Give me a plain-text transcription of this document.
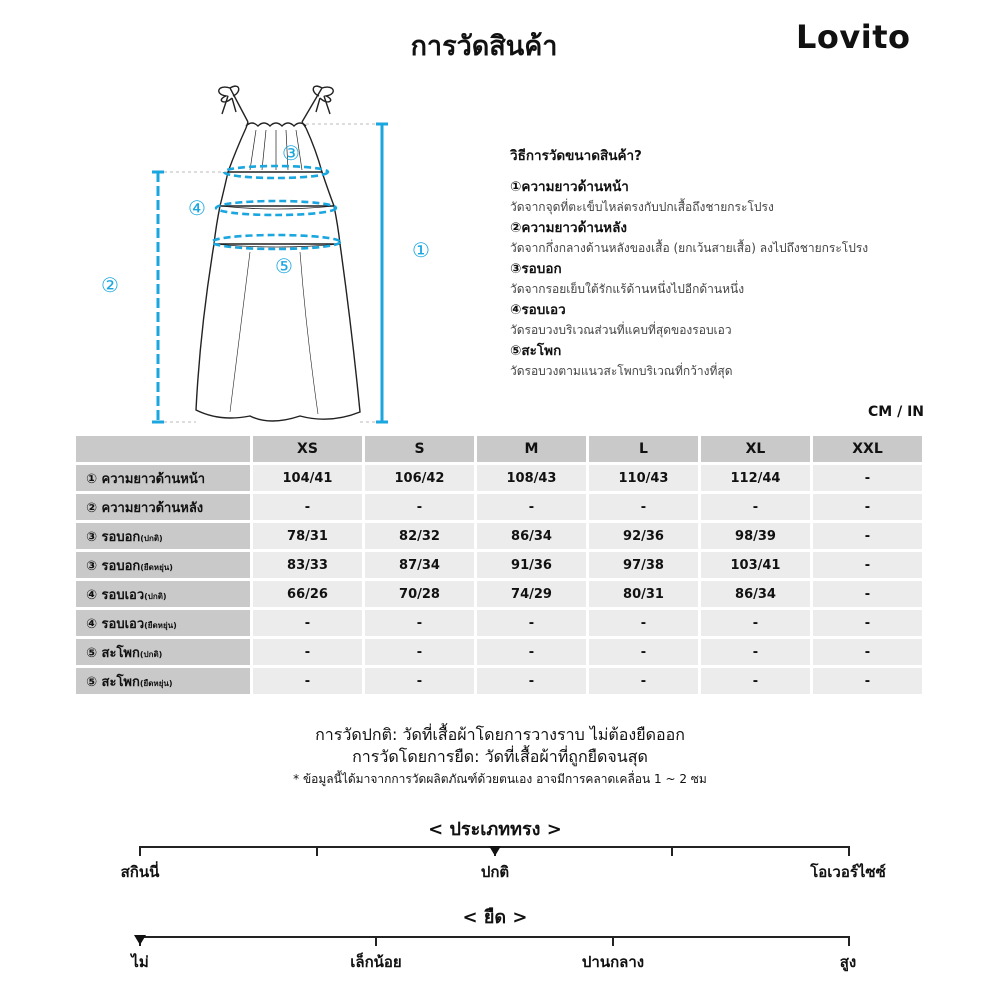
การวัดสินค้า	Lovito
③
④
⑤
①
②
วิธีการวัดขนาดสินค้า?
①ความยาวด้านหน้า
วัดจากจุดที่ตะเข็บไหล่ตรงกับปกเสื้อถึงชายกระโปรง
②ความยาวด้านหลัง
วัดจากกึ่งกลางด้านหลังของเสื้อ (ยกเว้นสายเสื้อ) ลงไปถึงชายกระโปรง
③รอบอก
วัดจากรอยเย็บใต้รักแร้ด้านหนึ่งไปอีกด้านหนึ่ง
④รอบเอว
วัดรอบวงบริเวณส่วนที่แคบที่สุดของรอบเอว
⑤สะโพก
วัดรอบวงตามแนวสะโพกบริเวณที่กว้างที่สุด
CM / IN
	XS	S	M	L	XL	XXL
① ความยาวด้านหน้า	104/41	106/42	108/43	110/43	112/44	-
② ความยาวด้านหลัง	-	-	-	-	-	-
③ รอบอก(ปกติ)	78/31	82/32	86/34	92/36	98/39	-
③ รอบอก(ยืดหยุ่น)	83/33	87/34	91/36	97/38	103/41	-
④ รอบเอว(ปกติ)	66/26	70/28	74/29	80/31	86/34	-
④ รอบเอว(ยืดหยุ่น)	-	-	-	-	-	-
⑤ สะโพก(ปกติ)	-	-	-	-	-	-
⑤ สะโพก(ยืดหยุ่น)	-	-	-	-	-	-
การวัดปกติ: วัดที่เสื้อผ้าโดยการวางราบ ไม่ต้องยืดออก
การวัดโดยการยืด: วัดที่เสื้อผ้าที่ถูกยืดจนสุด
* ข้อมูลนี้ได้มาจากการวัดผลิตภัณฑ์ด้วยตนเอง อาจมีการคลาดเคลื่อน 1 ~ 2 ซม
< ประเภททรง >
สกินนี่	ปกติ	โอเวอร์ไซซ์
< ยืด >
ไม่	เล็กน้อย	ปานกลาง	สูง
